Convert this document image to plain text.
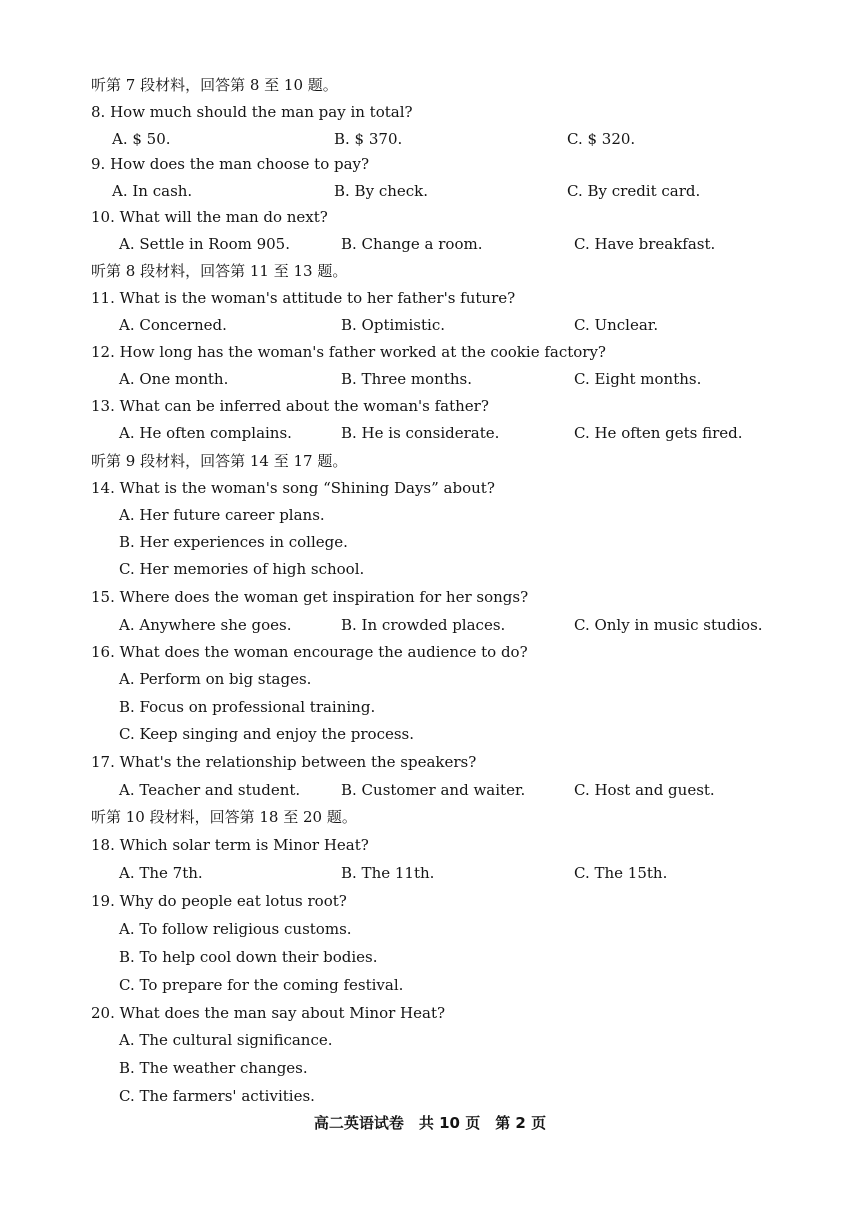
听第 7 段材料，回答第 8 至 10 题。
8. How much should the man pay in total?
A. $ 50.	B. $ 370.	C. $ 320.
9. How does the man choose to pay?
A. In cash.	B. By check.	C. By credit card.
10. What will the man do next?
A. Settle in Room 905.	B. Change a room.	C. Have breakfast.
听第 8 段材料，回答第 11 至 13 题。
11. What is the woman's attitude to her father's future?
A. Concerned.	B. Optimistic.	C. Unclear.
12. How long has the woman's father worked at the cookie factory?
A. One month.	B. Three months.	C. Eight months.
13. What can be inferred about the woman's father?
A. He often complains.	B. He is considerate.	C. He often gets fired.
听第 9 段材料，回答第 14 至 17 题。
14. What is the woman's song “Shining Days” about?
A. Her future career plans.
B. Her experiences in college.
C. Her memories of high school.
15. Where does the woman get inspiration for her songs?
A. Anywhere she goes.	B. In crowded places.	C. Only in music studios.
16. What does the woman encourage the audience to do?
A. Perform on big stages.
B. Focus on professional training.
C. Keep singing and enjoy the process.
17. What's the relationship between the speakers?
A. Teacher and student.	B. Customer and waiter.	C. Host and guest.
听第 10 段材料，回答第 18 至 20 题。
18. Which solar term is Minor Heat?
A. The 7th.	B. The 11th.	C. The 15th.
19. Why do people eat lotus root?
A. To follow religious customs.
B. To help cool down their bodies.
C. To prepare for the coming festival.
20. What does the man say about Minor Heat?
A. The cultural significance.
B. The weather changes.
C. The farmers' activities.
高二英语试卷　共 10 页　第 2 页
